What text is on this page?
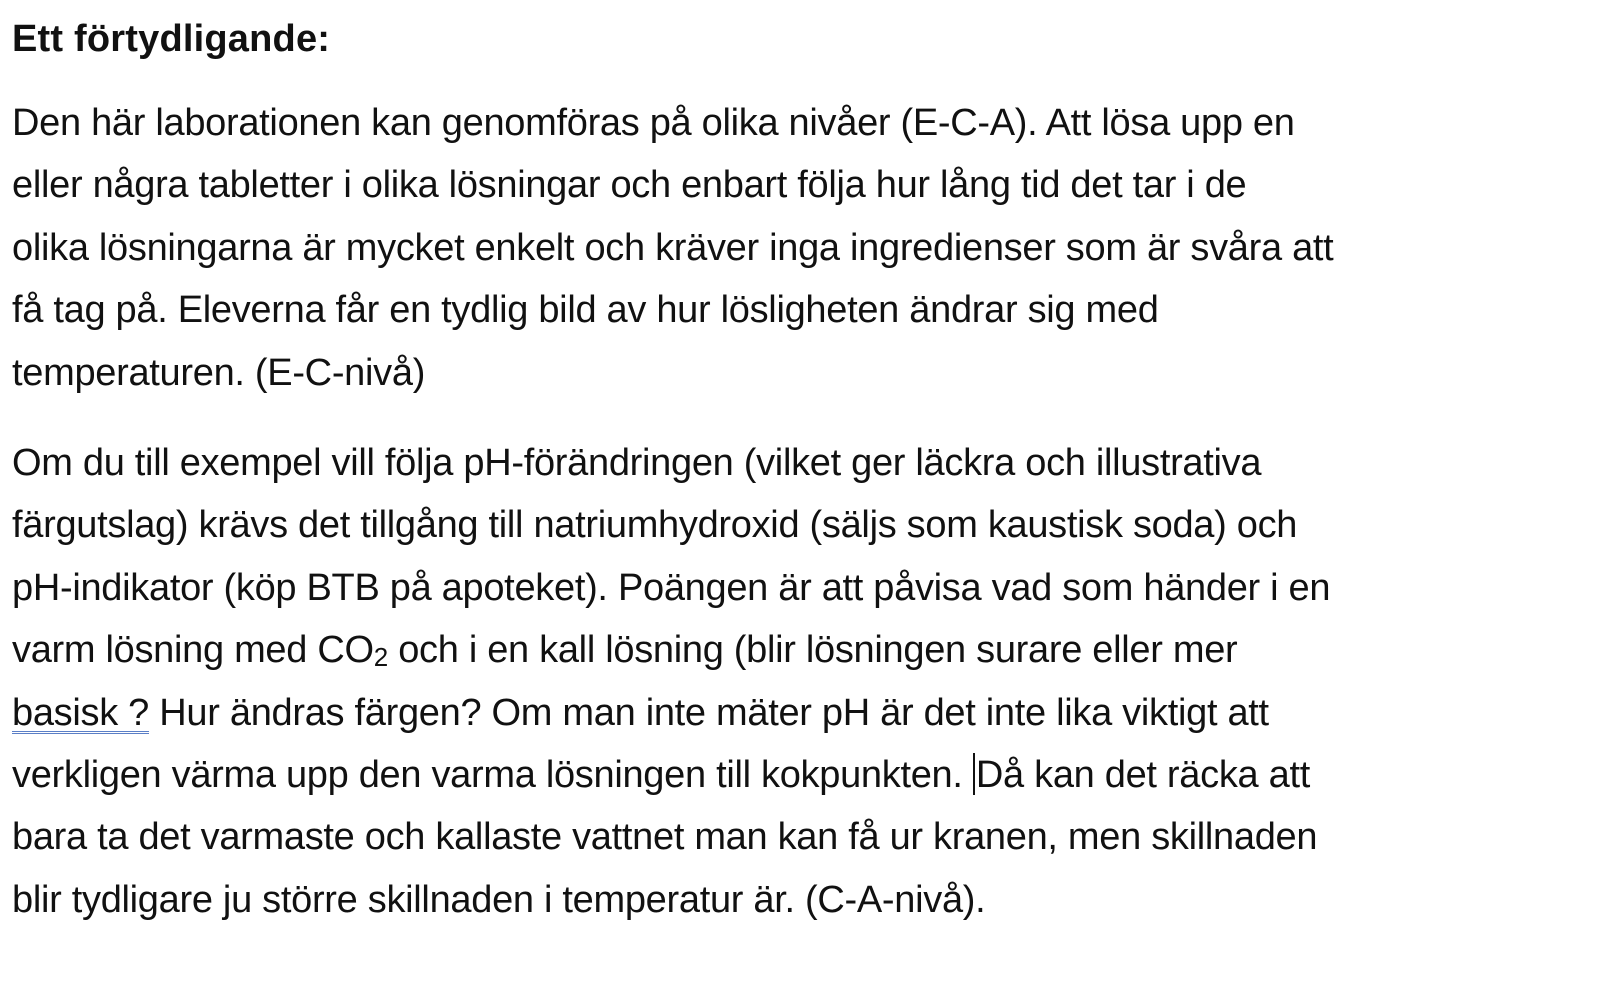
Ett förtydligande:
Den här laborationen kan genomföras på olika nivåer (E-C-A). Att lösa upp en
eller några tabletter i olika lösningar och enbart följa hur lång tid det tar i de
olika lösningarna är mycket enkelt och kräver inga ingredienser som är svåra att
få tag på. Eleverna får en tydlig bild av hur lösligheten ändrar sig med
temperaturen. (E-C-nivå)
Om du till exempel vill följa pH-förändringen (vilket ger läckra och illustrativa
färgutslag) krävs det tillgång till natriumhydroxid (säljs som kaustisk soda) och
pH-indikator (köp BTB på apoteket). Poängen är att påvisa vad som händer i en
varm lösning med CO2 och i en kall lösning (blir lösningen surare eller mer
basisk ? Hur ändras färgen? Om man inte mäter pH är det inte lika viktigt att
verkligen värma upp den varma lösningen till kokpunkten. Då kan det räcka att
bara ta det varmaste och kallaste vattnet man kan få ur kranen, men skillnaden
blir tydligare ju större skillnaden i temperatur är. (C-A-nivå).
